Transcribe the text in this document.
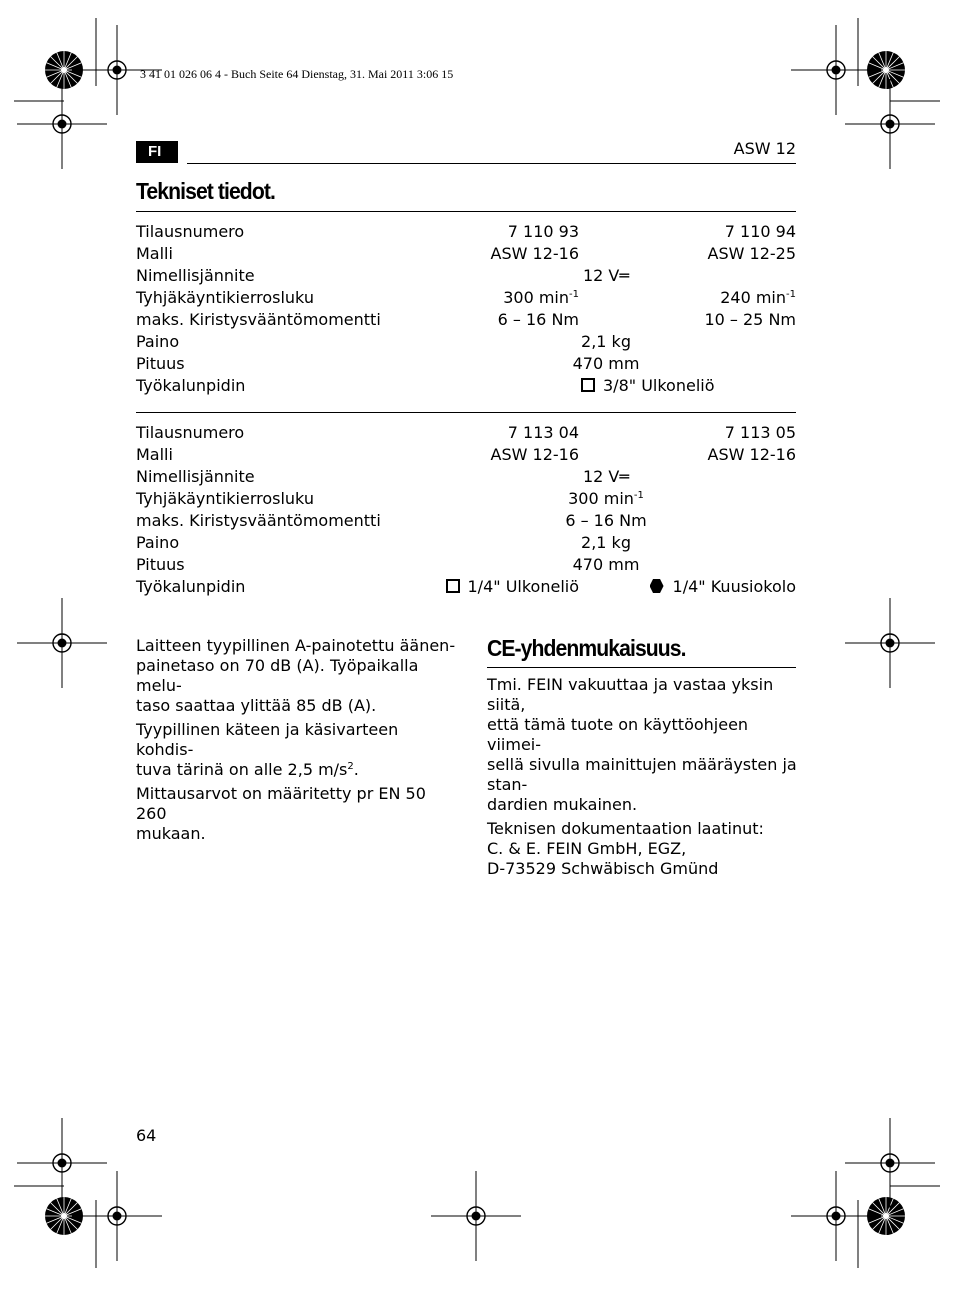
3 41 01 026 06 4 - Buch Seite 64 Dienstag, 31. Mai 2011 3:06 15
FI	ASW 12
Tekniset tiedot.
Tilausnumero	7 110 93	7 110 94
Malli	ASW 12-16	ASW 12-25
Nimellisjännite	12 V═
Tyhjäkäyntikierrosluku	300 $\min^{-1}$	240 $\min^{-1}$
maks. Kiristysvääntömomentti	6 – 16 Nm	10 – 25 Nm
Paino	2,1 kg
Pituus	470 mm
Työkalunpidin	3/8" Ulkoneliö
Tilausnumero	7 113 04	7 113 05
Malli	ASW 12-16	ASW 12-16
Nimellisjännite	12 V═
Tyhjäkäyntikierrosluku	300 $\min^{-1}$
maks. Kiristysvääntömomentti	6 – 16 Nm
Paino	2,1 kg
Pituus	470 mm
Työkalunpidin	1/4" Ulkoneliö	1/4" Kuusiokolo

Laitteen tyypillinen A-painotettu äänen-
painetaso on 70 dB (A). Työpaikalla melu-
taso saattaa ylittää 85 dB (A).

Tyypillinen käteen ja käsivarteen kohdis-
tuva tärinä on alle 2,5 $m/s^2$.

Mittausarvot on määritetty pr EN 50 260
mukaan.

CE-yhdenmukaisuus.

Tmi. FEIN vakuuttaa ja vastaa yksin siitä,
että tämä tuote on käyttöohjeen viimei-
sellä sivulla mainittujen määräysten ja stan-
dardien mukainen.

Teknisen dokumentaation laatinut:
C. & E. FEIN GmbH, EGZ,
D-73529 Schwäbisch Gmünd

64
